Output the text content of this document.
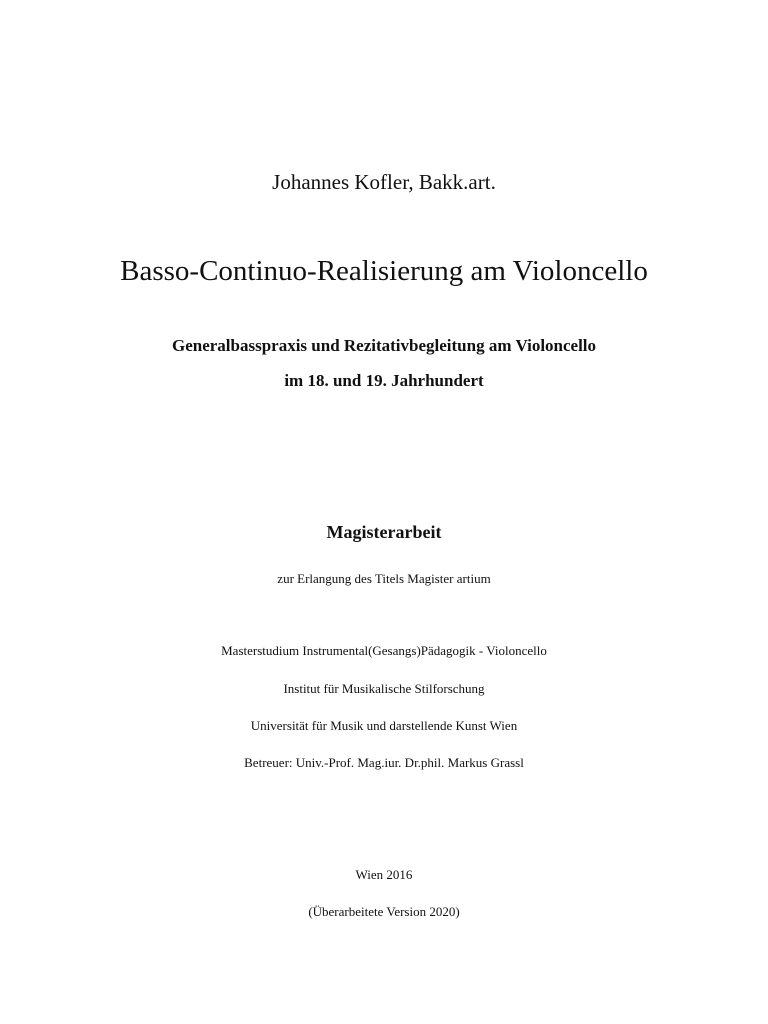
Johannes Kofler, Bakk.art.
Basso-Continuo-Realisierung am Violoncello
Generalbasspraxis und Rezitativbegleitung am Violoncello
im 18. und 19. Jahrhundert
Magisterarbeit
zur Erlangung des Titels Magister artium
Masterstudium Instrumental(Gesangs)Pädagogik - Violoncello
Institut für Musikalische Stilforschung
Universität für Musik und darstellende Kunst Wien
Betreuer: Univ.-Prof. Mag.iur. Dr.phil. Markus Grassl
Wien 2016
(Überarbeitete Version 2020)
